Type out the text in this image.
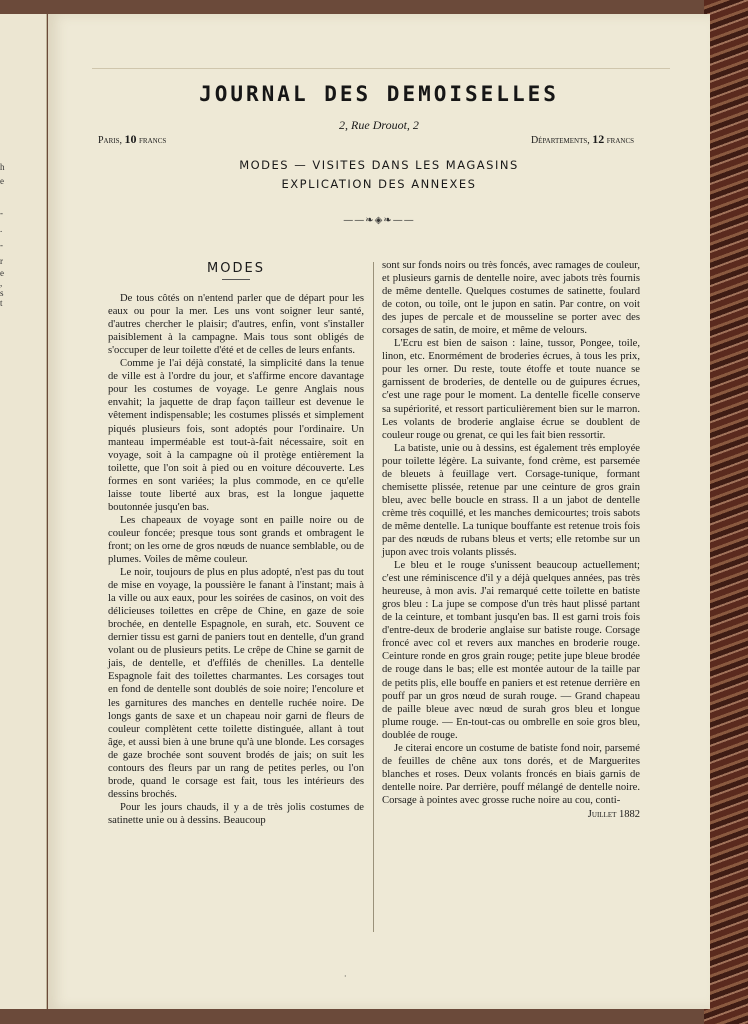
h
e
-
.
-
r
e
,
s
t
JOURNAL DES DEMOISELLES
2, Rue Drouot, 2
Paris, 10 francs	Départements, 12 francs
MODES — VISITES DANS LES MAGASINS
EXPLICATION DES ANNEXES
——❧◈❧——
MODES

De tous côtés on n'entend parler que de départ pour les eaux ou pour la mer. Les uns vont soigner leur santé, d'autres chercher le plaisir; d'autres, enfin, vont s'installer paisiblement à la campagne. Mais tous sont obligés de s'occuper de leur toilette d'été et de celles de leurs enfants.

Comme je l'ai déjà constaté, la simplicité dans la tenue de ville est à l'ordre du jour, et s'affirme encore davantage pour les costumes de voyage. Le genre Anglais nous envahit; la jaquette de drap façon tailleur est devenue le vêtement indispensable; les costumes plissés et simplement piqués plusieurs fois, sont adoptés pour l'ordinaire. Un manteau imperméable est tout-à-fait nécessaire, soit en voyage, soit à la campagne où il protège entièrement la toilette, que l'on soit à pied ou en voiture découverte. Les formes en sont variées; la plus commode, en ce qu'elle laisse toute liberté aux bras, est la longue jaquette boutonnée jusqu'en bas.

Les chapeaux de voyage sont en paille noire ou de couleur foncée; presque tous sont grands et ombragent le front; on les orne de gros nœuds de nuance semblable, ou de plumes. Voiles de même couleur.

Le noir, toujours de plus en plus adopté, n'est pas du tout de mise en voyage, la poussière le fanant à l'instant; mais à la ville ou aux eaux, pour les soirées de casinos, on voit des délicieuses toilettes en crêpe de Chine, en gaze de soie brochée, en dentelle Espagnole, en surah, etc. Souvent ce dernier tissu est garni de paniers tout en dentelle, d'un grand volant ou de plusieurs petits. Le crêpe de Chine se garnit de jais, de dentelle, et d'effilés de chenilles. La dentelle Espagnole fait des toilettes charmantes. Les corsages tout en fond de dentelle sont doublés de soie noire; l'encolure et les garnitures des manches en dentelle ruchée noire. De longs gants de saxe et un chapeau noir garni de fleurs de couleur complètent cette toilette distinguée, allant à tout âge, et aussi bien à une brune qu'à une blonde. Les corsages de gaze brochée sont souvent brodés de jais; on suit les contours des fleurs par un rang de petites perles, ou l'on brode, quand le corsage est fait, tous les intérieurs des dessins brochés.

Pour les jours chauds, il y a de très jolis costumes de satinette unie ou à dessins. Beaucoup

sont sur fonds noirs ou très foncés, avec ramages de couleur, et plusieurs garnis de dentelle noire, avec jabots très fournis de même dentelle. Quelques costumes de satinette, foulard de coton, ou toile, ont le jupon en satin. Par contre, on voit des jupes de percale et de mousseline se porter avec des corsages de satin, de moire, et même de velours.

L'Ecru est bien de saison : laine, tussor, Pongee, toile, linon, etc. Enormément de broderies écrues, à tous les prix, pour les orner. Du reste, toute étoffe et toute nuance se garnissent de broderies, de dentelle ou de guipures écrues, c'est une rage pour le moment. La dentelle ficelle conserve sa supériorité, et ressort particulièrement bien sur le marron. Les volants de broderie anglaise écrue se doublent de couleur rouge ou grenat, ce qui les fait bien ressortir.

La batiste, unie ou à dessins, est également très employée pour toilette légère. La suivante, fond crème, est parsemée de bleuets à feuillage vert. Corsage-tunique, formant chemisette plissée, retenue par une ceinture de gros grain bleu, avec belle boucle en strass. Il a un jabot de dentelle crème très coquillé, et les manches demicourtes; trois sabots de même dentelle. La tunique bouffante est retenue trois fois par des nœuds de rubans bleus et verts; elle retombe sur un jupon avec trois volants plissés.

Le bleu et le rouge s'unissent beaucoup actuellement; c'est une réminiscence d'il y a déjà quelques années, pas très heureuse, à mon avis. J'ai remarqué cette toilette en batiste gros bleu : La jupe se compose d'un très haut plissé partant de la ceinture, et tombant jusqu'en bas. Il est garni trois fois d'entre-deux de broderie anglaise sur batiste rouge. Corsage froncé avec col et revers aux manches en broderie rouge. Ceinture ronde en gros grain rouge; petite jupe bleue brodée de rouge dans le bas; elle est montée autour de la taille par de petits plis, elle bouffe en paniers et est retenue derrière en pouff par un gros nœud de surah rouge. — Grand chapeau de paille bleue avec nœud de surah gros bleu et longue plume rouge. — En-tout-cas ou ombrelle en soie gros bleu, doublée de rouge.

Je citerai encore un costume de batiste fond noir, parsemé de feuilles de chêne aux tons dorés, et de Marguerites blanches et roses. Deux volants froncés en biais garnis de dentelle noire. Par derrière, pouff mélangé de dentelle noire. Corsage à pointes avec grosse ruche noire au cou, conti-

Juillet 1882
·
